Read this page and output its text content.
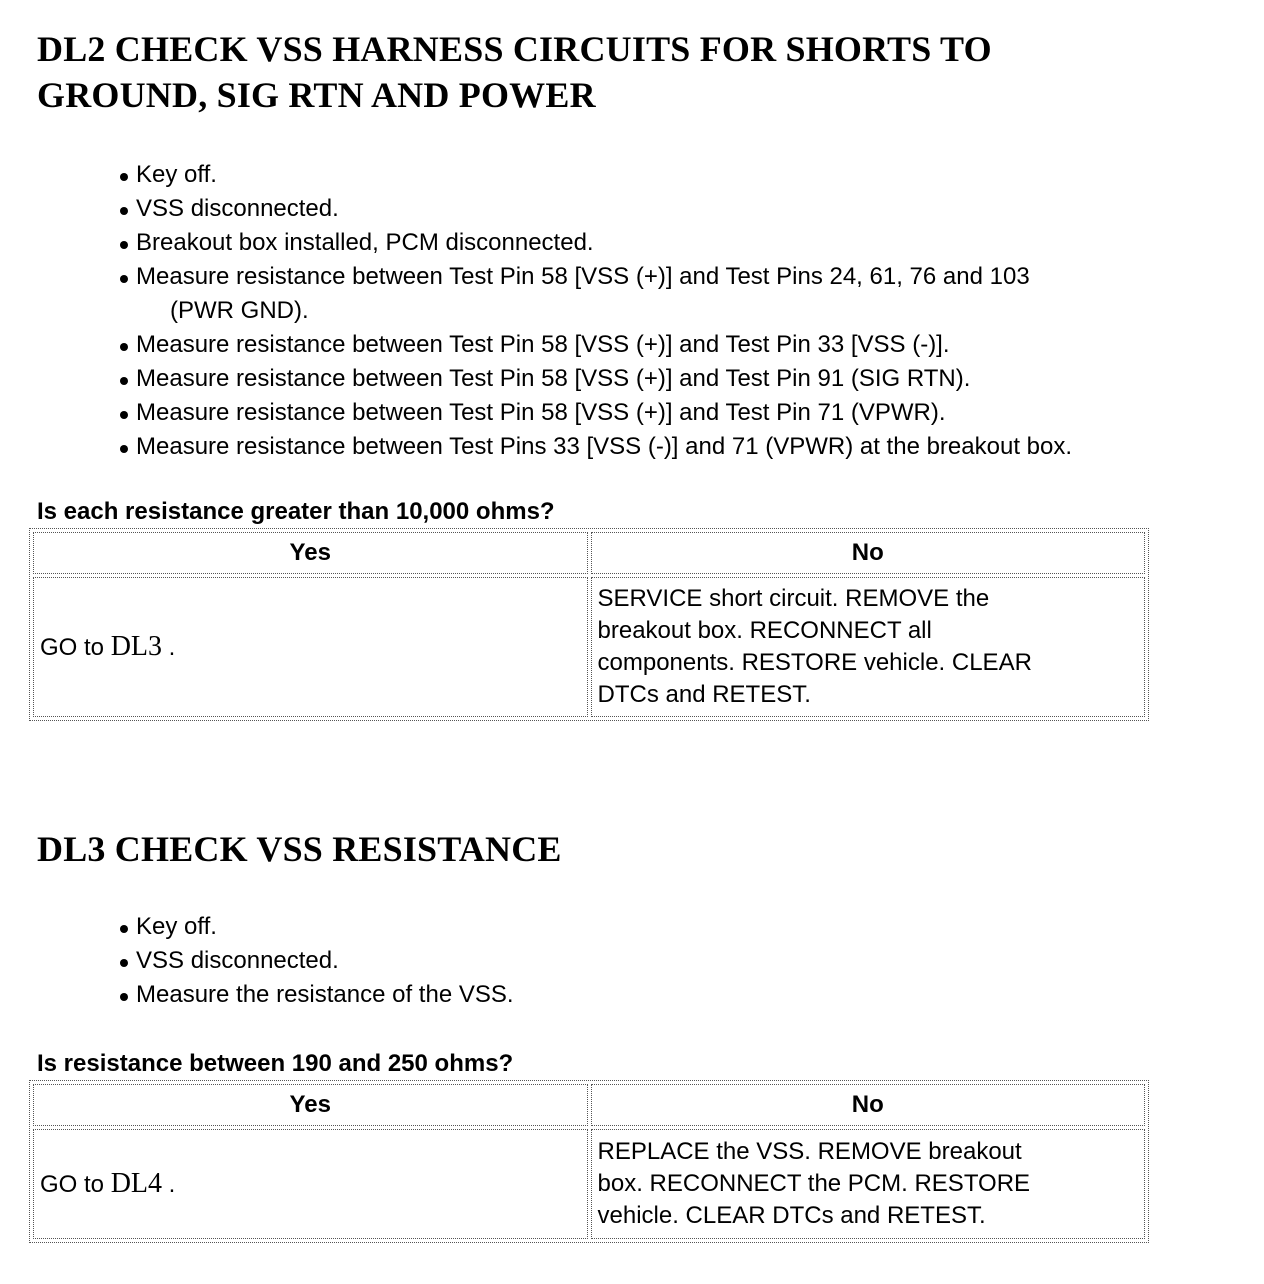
DL2 CHECK VSS HARNESS CIRCUITS FOR SHORTS TO
GROUND, SIG RTN AND POWER
Key off.
VSS disconnected.
Breakout box installed, PCM disconnected.
Measure resistance between Test Pin 58 [VSS (+)] and Test Pins 24, 61, 76 and 103
(PWR GND).
Measure resistance between Test Pin 58 [VSS (+)] and Test Pin 33 [VSS (-)].
Measure resistance between Test Pin 58 [VSS (+)] and Test Pin 91 (SIG RTN).
Measure resistance between Test Pin 58 [VSS (+)] and Test Pin 71 (VPWR).
Measure resistance between Test Pins 33 [VSS (-)] and 71 (VPWR) at the breakout box.

Is each resistance greater than 10,000 ohms?

Yes	No
GO to DL3 .	SERVICE short circuit. REMOVE the
breakout box. RECONNECT all
components. RESTORE vehicle. CLEAR
DTCs and RETEST.
DL3 CHECK VSS RESISTANCE
Key off.
VSS disconnected.
Measure the resistance of the VSS.

Is resistance between 190 and 250 ohms?

Yes	No
GO to DL4 .	REPLACE the VSS. REMOVE breakout
box. RECONNECT the PCM. RESTORE
vehicle. CLEAR DTCs and RETEST.
